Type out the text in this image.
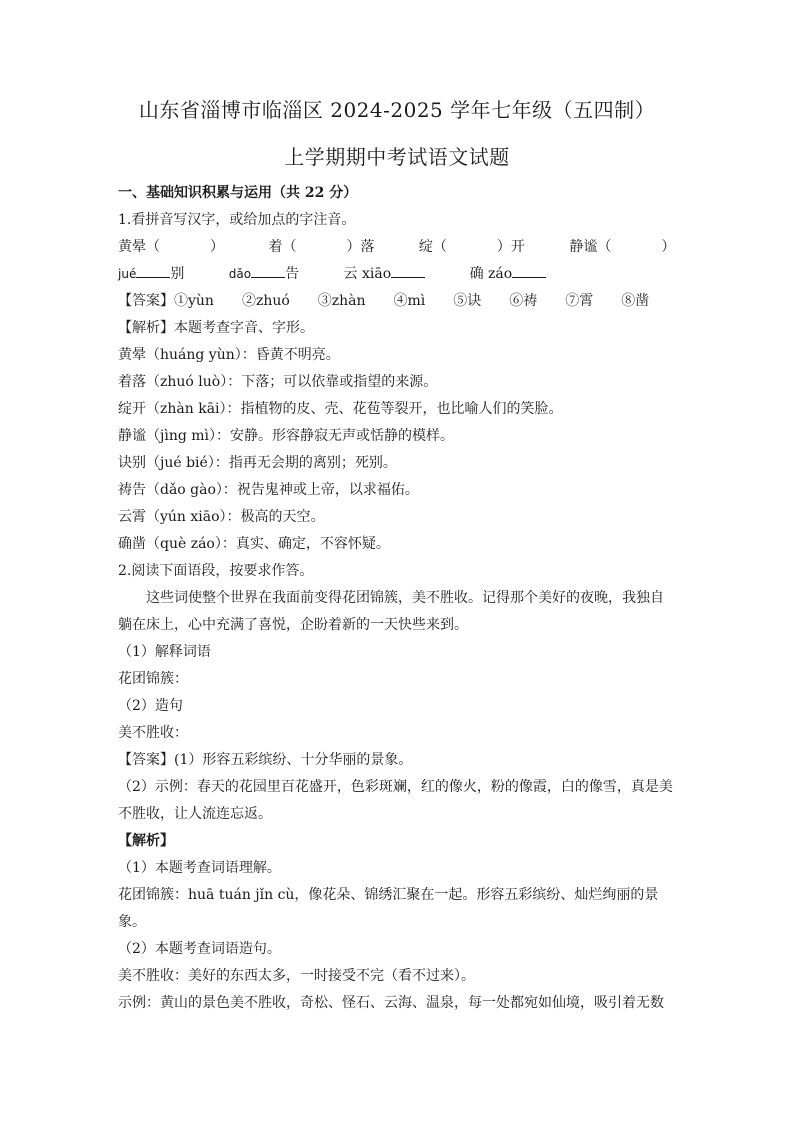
山东省淄博市临淄区 2024-2025 学年七年级（五四制）
上学期期中考试语文试题
一、基础知识积累与运用（共 22 分）
1.看拼音写汉字，或给加点的字注音。
黄晕（	）	着（	）落	绽（	）开	静谧（	）
jué 别	dǎo 告	云 xiāo	确 záo
【答案】①yùn　　②zhuó　　③zhàn　　④mì　　⑤诀　　⑥祷　　⑦霄　　⑧凿
【解析】本题考查字音、字形。
黄晕（huáng yùn）：昏黄不明亮。
着落（zhuó luò）：下落；可以依靠或指望的来源。
绽开（zhàn kāi）：指植物的皮、壳、花苞等裂开，也比喻人们的笑脸。
静谧（jìng mì）：安静。形容静寂无声或恬静的模样。
诀别（jué bié）：指再无会期的离别；死别。
祷告（dǎo gào）：祝告鬼神或上帝，以求福佑。
云霄（yún xiāo）：极高的天空。
确凿（què záo）：真实、确定，不容怀疑。
2.阅读下面语段，按要求作答。
这些词使整个世界在我面前变得花团锦簇，美不胜收。记得那个美好的夜晚，我独自
躺在床上，心中充满了喜悦，企盼着新的一天快些来到。
（1）解释词语
花团锦簇：
（2）造句
美不胜收：
【答案】(1）形容五彩缤纷、十分华丽的景象。
（2）示例：春天的花园里百花盛开，色彩斑斓，红的像火，粉的像霞，白的像雪，真是美
不胜收，让人流连忘返。
【解析】
（1）本题考查词语理解。
花团锦簇：huā tuán jǐn cù，像花朵、锦绣汇聚在一起。形容五彩缤纷、灿烂绚丽的景
象。
（2）本题考查词语造句。
美不胜收：美好的东西太多，一时接受不完（看不过来）。
示例：黄山的景色美不胜收，奇松、怪石、云海、温泉，每一处都宛如仙境，吸引着无数
